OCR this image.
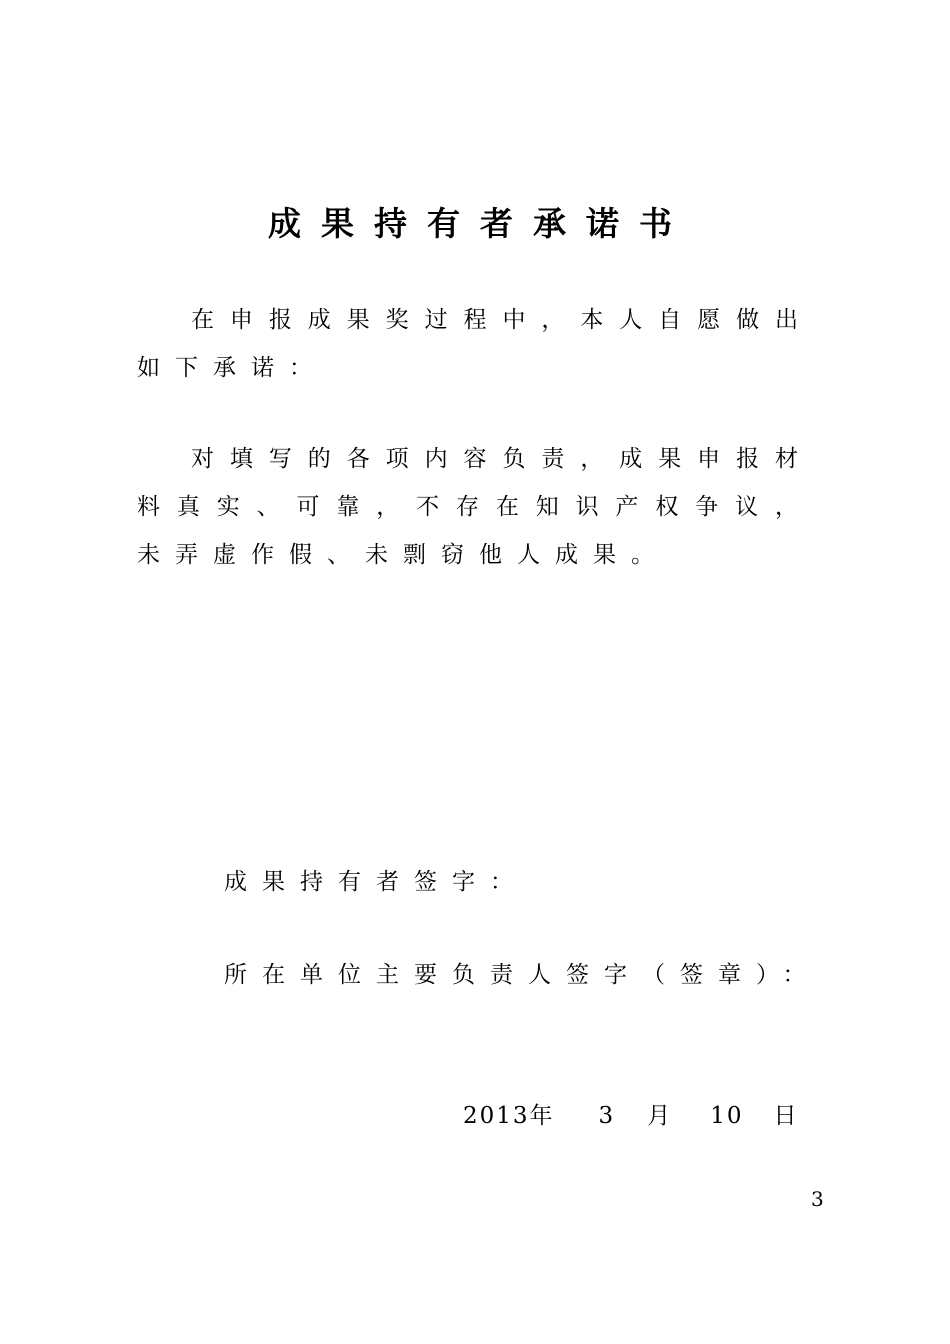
成果持有者承诺书
在申报成果奖过程中，本人自愿做出如下承诺：
对填写的各项内容负责，成果申报材料真实、可靠，不存在知识产权争议，未弄虚作假、未剽窃他人成果。
成果持有者签字：
所在单位主要负责人签字（签章）：
2013年 3 月 10 日
3
